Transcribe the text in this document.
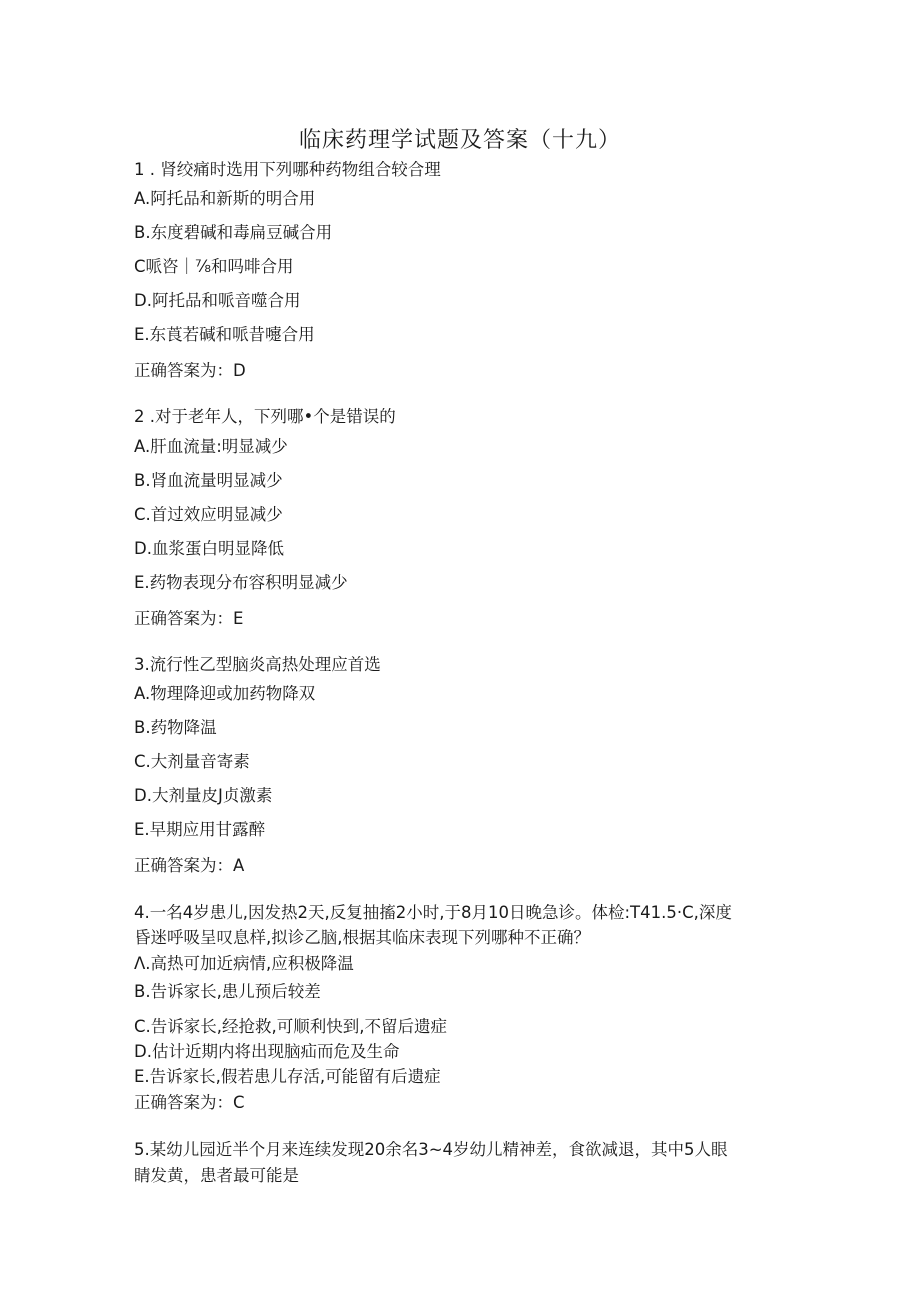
临床药理学试题及答案（十九）
1 . 肾绞痛时选用下列哪种药物组合较合理
A.阿托品和新斯的明合用
B.东度碧碱和毒扁豆碱合用
C哌咨｜⅞和吗啡合用
D.阿托品和哌音噬合用
E.东莨若碱和哌昔嚏合用
正确答案为：D
2 .对于老年人，下列哪•个是错误的
A.肝血流量:明显减少
B.肾血流量明显减少
C.首过效应明显减少
D.血浆蛋白明显降低
E.药物表现分布容积明显减少
正确答案为：E
3.流行性乙型脑炎高热处理应首选
A.物理降迎或加药物降双
B.药物降温
C.大剂量音寄素
D.大剂量皮J贞激素
E.早期应用甘露醉
正确答案为：A
4.一名4岁患儿,因发热2天,反复抽搐2小时,于8月10日晚急诊。体检:T41.5·C,深度
昏迷呼吸呈叹息样,拟诊乙脑,根据其临床表现下列哪种不正确？
Λ.高热可加近病情,应积极降温
B.告诉家长,患儿预后较差
C.告诉家长,经抢救,可顺利快到,不留后遗症
D.估计近期内将出现脑疝而危及生命
E.告诉家长,假若患儿存活,可能留有后遗症
正确答案为：C
5.某幼儿园近半个月来连续发现20余名3~4岁幼儿精神差，食欲减退，其中5人眼
睛发黄，患者最可能是
